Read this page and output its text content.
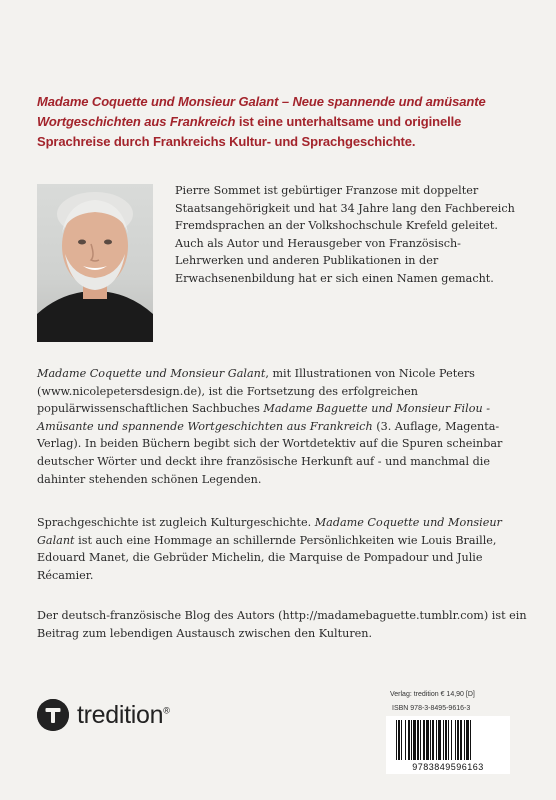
Madame Coquette und Monsieur Galant – Neue spannende und amüsante Wortgeschichten aus Frankreich ist eine unterhaltsame und originelle Sprachreise durch Frankreichs Kultur- und Sprachgeschichte.
Pierre Sommet ist gebürtiger Franzose mit doppelter Staatsangehörigkeit und hat 34 Jahre lang den Fachbereich Fremdsprachen an der Volkshochschule Krefeld geleitet. Auch als Autor und Herausgeber von Französisch-Lehrwerken und anderen Publikationen in der Erwachsenenbildung hat er sich einen Namen gemacht.
Madame Coquette und Monsieur Galant, mit Illustrationen von Nicole Peters (www.nicolepetersdesign.de), ist die Fortsetzung des erfolgreichen populärwissenschaftlichen Sachbuches Madame Baguette und Monsieur Filou - Amüsante und spannende Wortgeschichten aus Frankreich (3. Auflage, Magenta-Verlag). In beiden Büchern begibt sich der Wortdetektiv auf die Spuren scheinbar deutscher Wörter und deckt ihre französische Herkunft auf - und manchmal die dahinter stehenden schönen Legenden.
Sprachgeschichte ist zugleich Kulturgeschichte. Madame Coquette und Monsieur Galant ist auch eine Hommage an schillernde Persönlichkeiten wie Louis Braille, Edouard Manet, die Gebrüder Michelin, die Marquise de Pompadour und Julie Récamier.
Der deutsch-französische Blog des Autors (http://madamebaguette.tumblr.com) ist ein Beitrag zum lebendigen Austausch zwischen den Kulturen.
tredition®
Verlag: tredition € 14,90 [D]
ISBN 978-3-8495-9616-3
9783849596163
